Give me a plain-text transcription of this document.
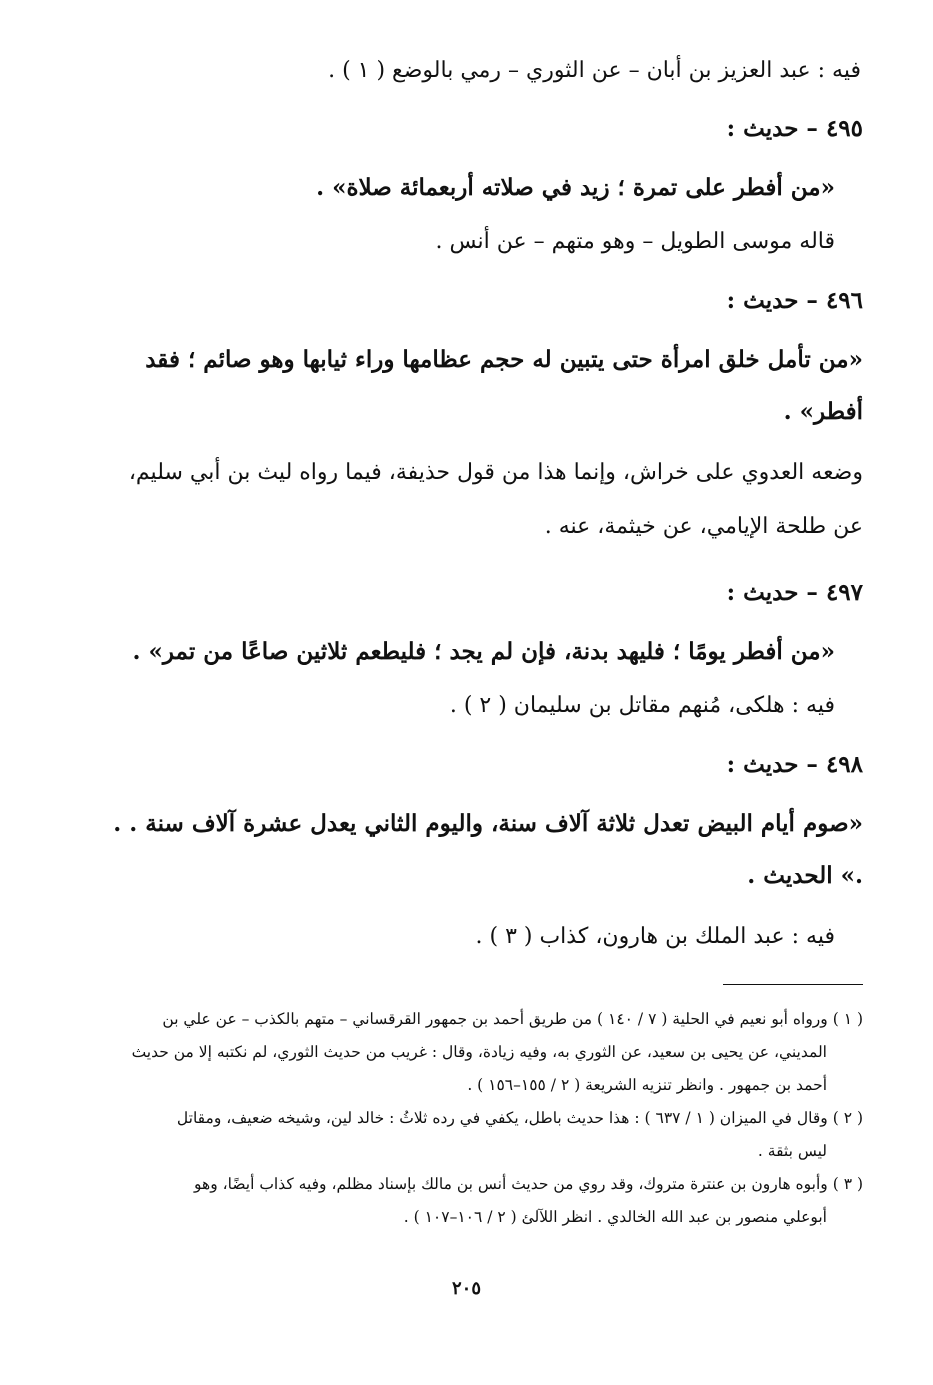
فيه : عبد العزيز بن أبان – عن الثوري – رمي بالوضع ( ١ ) .

٤٩٥ – حديث :

«من أفطر على تمرة ؛ زيد في صلاته أربعمائة صلاة» .

قاله موسى الطويل – وهو متهم – عن أنس .

٤٩٦ – حديث :

«من تأمل خلق امرأة حتى يتبين له حجم عظامها وراء ثيابها وهو صائم ؛ فقد أفطر» .

وضعه العدوي على خراش، وإنما هذا من قول حذيفة، فيما رواه ليث بن أبي سليم، عن طلحة الإيامي، عن خيثمة، عنه .

٤٩٧ – حديث :

«من أفطر يومًا ؛ فليهد بدنة، فإن لم يجد ؛ فليطعم ثلاثين صاعًا من تمر» .

فيه : هلكى، مُنهم مقاتل بن سليمان ( ٢ ) .

٤٩٨ – حديث :

«صوم أيام البيض تعدل ثلاثة آلاف سنة، واليوم الثاني يعدل عشرة آلاف سنة . . .» الحديث .

فيه : عبد الملك بن هارون، كذاب ( ٣ ) .

( ١ ) ورواه أبو نعيم في الحلية ( ٧ / ١٤٠ ) من طريق أحمد بن جمهور القرقساني – متهم بالكذب – عن علي بن
المديني، عن يحيى بن سعيد، عن الثوري به، وفيه زيادة، وقال : غريب من حديث الثوري، لم نكتبه إلا من حديث أحمد بن جمهور . وانظر تنزيه الشريعة ( ٢ / ١٥٥–١٥٦ ) .

( ٢ ) وقال في الميزان ( ١ / ٦٣٧ ) : هذا حديث باطل، يكفي في رده ثلاثُ : خالد لين، وشيخه ضعيف، ومقاتل
ليس بثقة .

( ٣ ) وأبوه هارون بن عنترة متروك، وقد روي من حديث أنس بن مالك بإسناد مظلم، وفيه كذاب أيضًا، وهو
أبوعلي منصور بن عبد الله الخالدي . انظر اللآلئ ( ٢ / ١٠٦–١٠٧ ) .

٢٠٥
